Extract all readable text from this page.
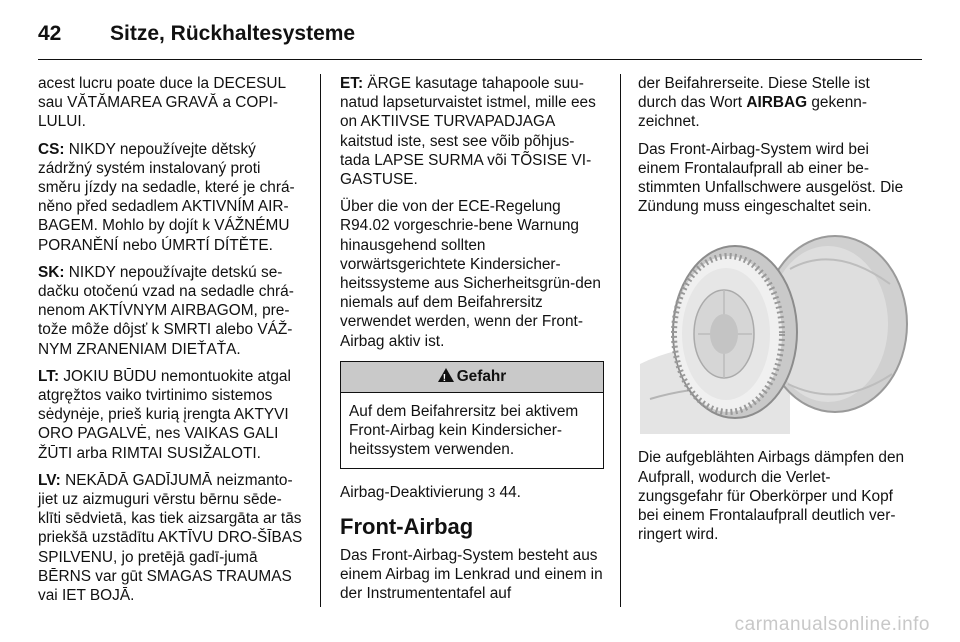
42	Sitze, Rückhaltesysteme

acest lucru poate duce la DECESUL sau VĂTĂMAREA GRAVĂ a COPI-LULUI.

CS: NIKDY nepoužívejte dětský zádržný systém instalovaný proti směru jízdy na sedadle, které je chrá-něno před sedadlem AKTIVNÍM AIR-BAGEM. Mohlo by dojít k VÁŽNÉMU PORANĚNÍ nebo ÚMRTÍ DÍTĚTE.

SK: NIKDY nepoužívajte detskú se-dačku otočenú vzad na sedadle chrá-nenom AKTÍVNYM AIRBAGOM, pre-tože môže dôjsť k SMRTI alebo VÁŽ-NYM ZRANENIAM DIEŤAŤA.

LT: JOKIU BŪDU nemontuokite atgal atgręžtos vaiko tvirtinimo sistemos sėdynėje, prieš kurią įrengta AKTYVI ORO PAGALVĖ, nes VAIKAS GALI ŽŪTI arba RIMTAI SUSIŽALOTI.

LV: NEKĀDĀ GADĪJUMĀ neizmanto-jiet uz aizmuguri vērstu bērnu sēde-klīti sēdvietā, kas tiek aizsargāta ar tās priekšā uzstādītu AKTĪVU DRO-ŠĪBAS SPILVENU, jo pretējā gadī-jumā BĒRNS var gūt SMAGAS TRAUMAS vai IET BOJĀ.

ET: ÄRGE kasutage tahapoole suu-natud lapseturvaistet istmel, mille ees on AKTIIVSE TURVAPADJAGA kaitstud iste, sest see võib põhjus-tada LAPSE SURMA või TÕSISE VI-GASTUSE.

Über die von der ECE-Regelung R94.02 vorgeschrie-bene Warnung hinausgehend sollten vorwärtsgerichtete Kindersicher-heitssysteme aus Sicherheitsgrün-den niemals auf dem Beifahrersitz verwendet werden, wenn der Front-Airbag aktiv ist.

!Gefahr
Auf dem Beifahrersitz bei aktivem Front-Airbag kein Kindersicher-heitssystem verwenden.

Airbag-Deaktivierung 3 44.

Front-Airbag

Das Front-Airbag-System besteht aus einem Airbag im Lenkrad und einem in der Instrumententafel auf

der Beifahrerseite. Diese Stelle ist durch das Wort AIRBAG gekenn-zeichnet.

Das Front-Airbag-System wird bei einem Frontalaufprall ab einer be-stimmten Unfallschwere ausgelöst. Die Zündung muss eingeschaltet sein.

Die aufgeblähten Airbags dämpfen den Aufprall, wodurch die Verlet-zungsgefahr für Oberkörper und Kopf bei einem Frontalaufprall deutlich ver-ringert wird.

carmanualsonline.info
